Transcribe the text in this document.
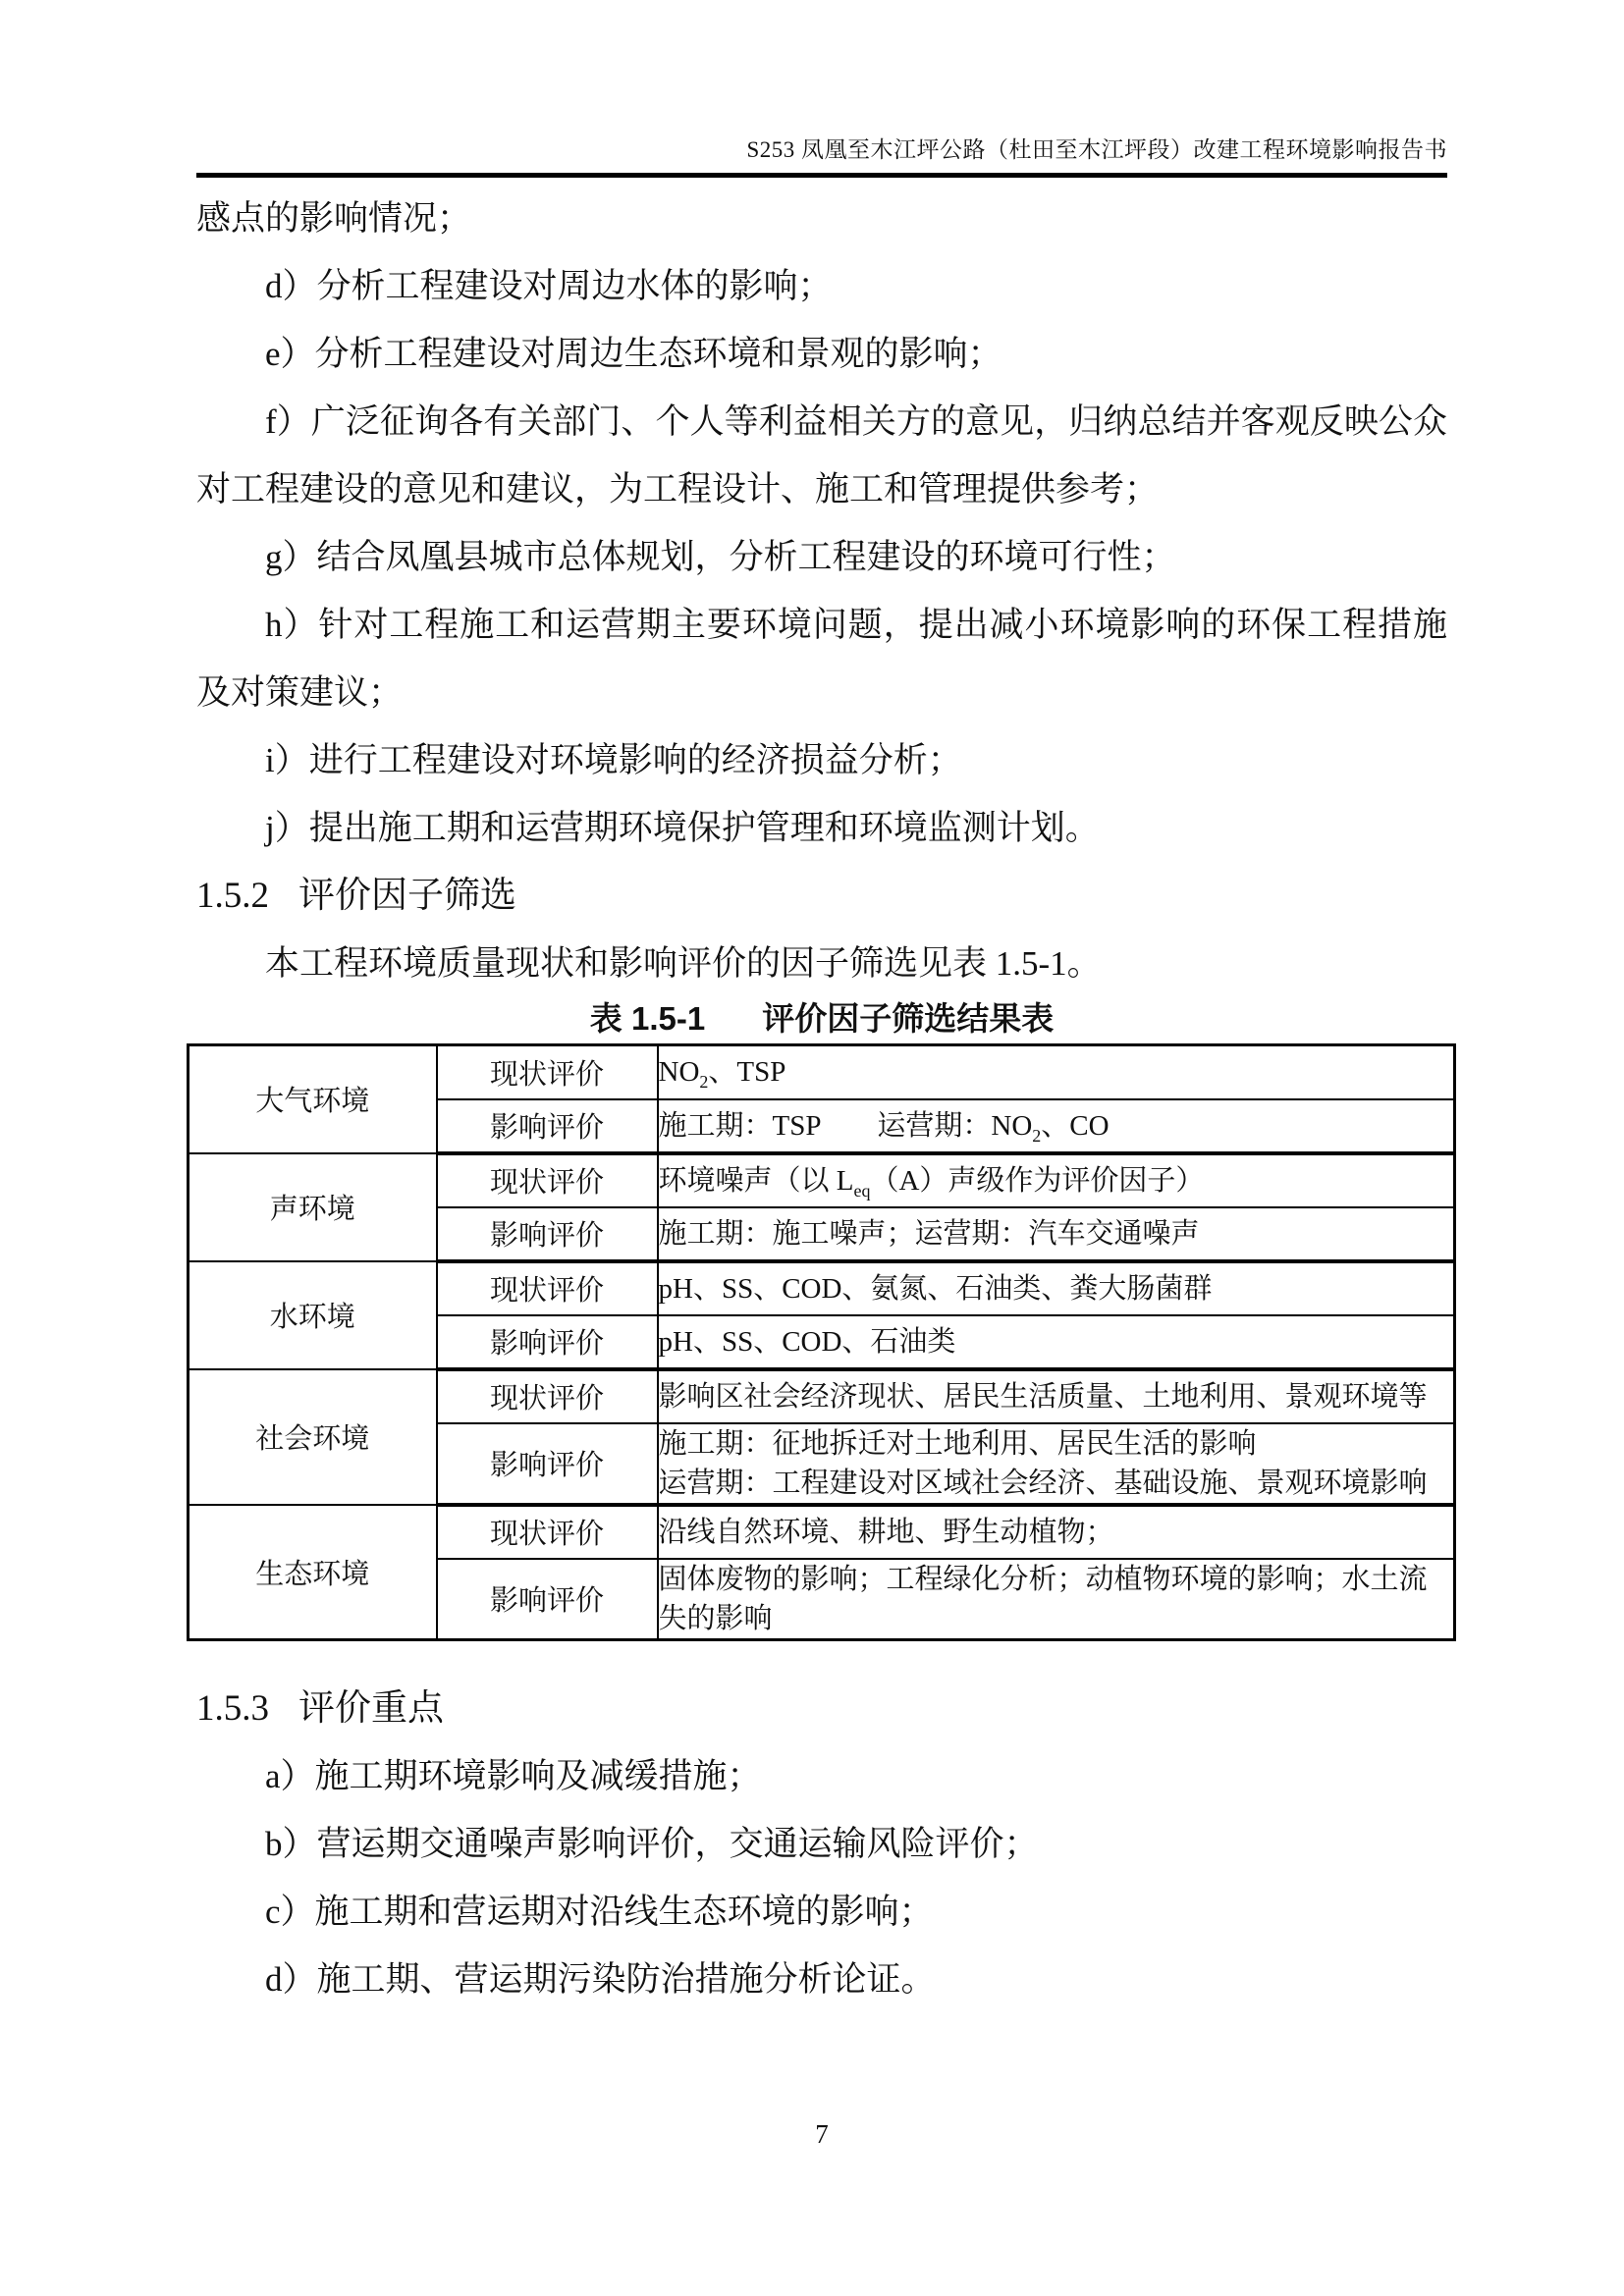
S253 凤凰至木江坪公路（杜田至木江坪段）改建工程环境影响报告书

感点的影响情况；

d）分析工程建设对周边水体的影响；

e）分析工程建设对周边生态环境和景观的影响；

f）广泛征询各有关部门、个人等利益相关方的意见，归纳总结并客观反映公众对工程建设的意见和建议，为工程设计、施工和管理提供参考；

g）结合凤凰县城市总体规划，分析工程建设的环境可行性；

h）针对工程施工和运营期主要环境问题，提出减小环境影响的环保工程措施及对策建议；

i）进行工程建设对环境影响的经济损益分析；

j）提出施工期和运营期环境保护管理和环境监测计划。

1.5.2 评价因子筛选

本工程环境质量现状和影响评价的因子筛选见表 1.5-1。

表 1.5-1 评价因子筛选结果表
大气环境	现状评价	$NO_2$、TSP
	影响评价	施工期：TSP　　运营期：$NO_2$、CO
声环境	现状评价	环境噪声（以 $L_{eq}(A)$声级作为评价因子）
	影响评价	施工期：施工噪声；运营期：汽车交通噪声
水环境	现状评价	pH、SS、COD、氨氮、石油类、粪大肠菌群
	影响评价	pH、SS、COD、石油类
社会环境	现状评价	影响区社会经济现状、居民生活质量、土地利用、景观环境等
	影响评价	施工期：征地拆迁对土地利用、居民生活的影响
运营期：工程建设对区域社会经济、基础设施、景观环境影响
生态环境	现状评价	沿线自然环境、耕地、野生动植物；
	影响评价	固体废物的影响；工程绿化分析；动植物环境的影响；水土流失的影响
1.5.3 评价重点

a）施工期环境影响及减缓措施；

b）营运期交通噪声影响评价，交通运输风险评价；

c）施工期和营运期对沿线生态环境的影响；

d）施工期、营运期污染防治措施分析论证。

7
